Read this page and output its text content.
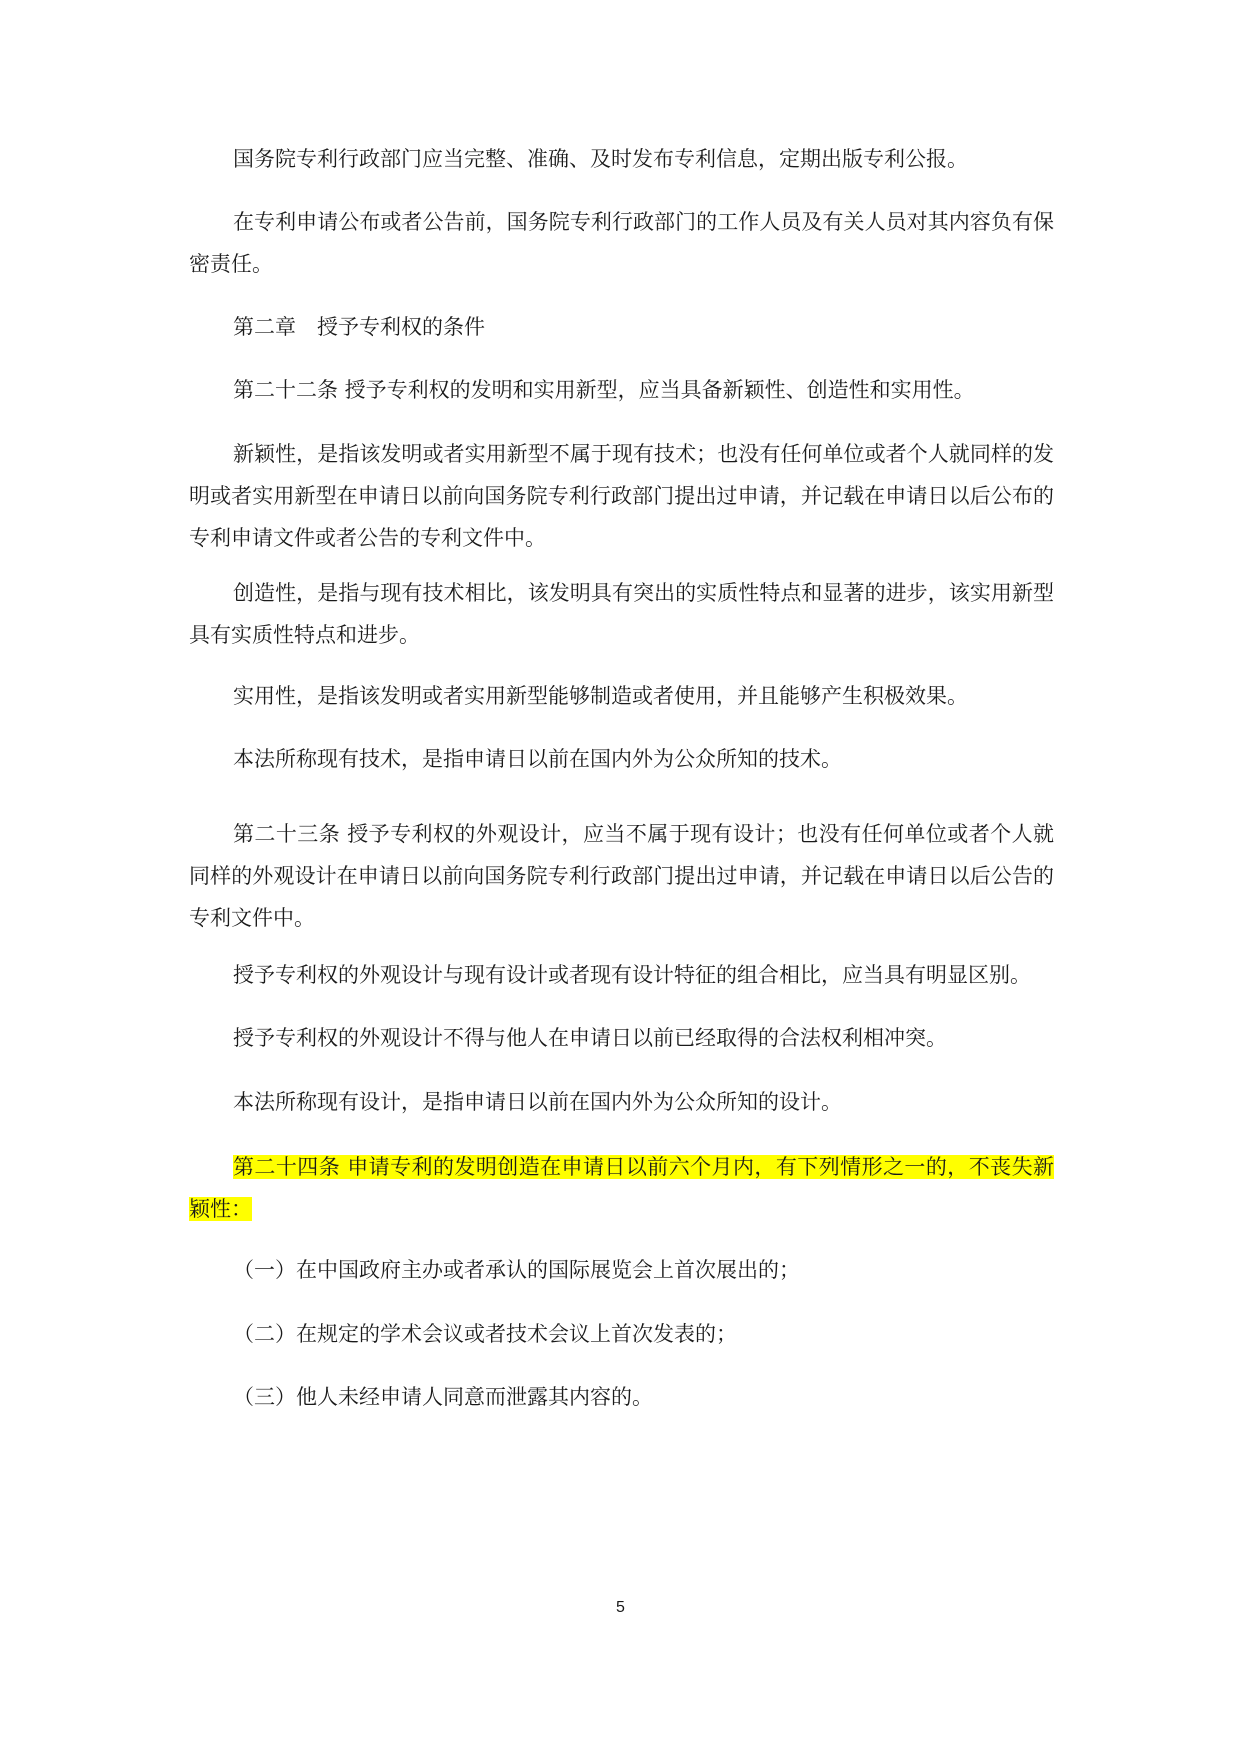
国务院专利行政部门应当完整、准确、及时发布专利信息，定期出版专利公报。

在专利申请公布或者公告前，国务院专利行政部门的工作人员及有关人员对其内容负有保密责任。

第二章　授予专利权的条件

第二十二条 授予专利权的发明和实用新型，应当具备新颖性、创造性和实用性。

新颖性，是指该发明或者实用新型不属于现有技术；也没有任何单位或者个人就同样的发明或者实用新型在申请日以前向国务院专利行政部门提出过申请，并记载在申请日以后公布的专利申请文件或者公告的专利文件中。

创造性，是指与现有技术相比，该发明具有突出的实质性特点和显著的进步，该实用新型具有实质性特点和进步。

实用性，是指该发明或者实用新型能够制造或者使用，并且能够产生积极效果。

本法所称现有技术，是指申请日以前在国内外为公众所知的技术。

第二十三条 授予专利权的外观设计，应当不属于现有设计；也没有任何单位或者个人就同样的外观设计在申请日以前向国务院专利行政部门提出过申请，并记载在申请日以后公告的专利文件中。

授予专利权的外观设计与现有设计或者现有设计特征的组合相比，应当具有明显区别。

授予专利权的外观设计不得与他人在申请日以前已经取得的合法权利相冲突。

本法所称现有设计，是指申请日以前在国内外为公众所知的设计。

第二十四条 申请专利的发明创造在申请日以前六个月内，有下列情形之一的，不丧失新颖性：

（一）在中国政府主办或者承认的国际展览会上首次展出的；

（二）在规定的学术会议或者技术会议上首次发表的；

（三）他人未经申请人同意而泄露其内容的。

5
